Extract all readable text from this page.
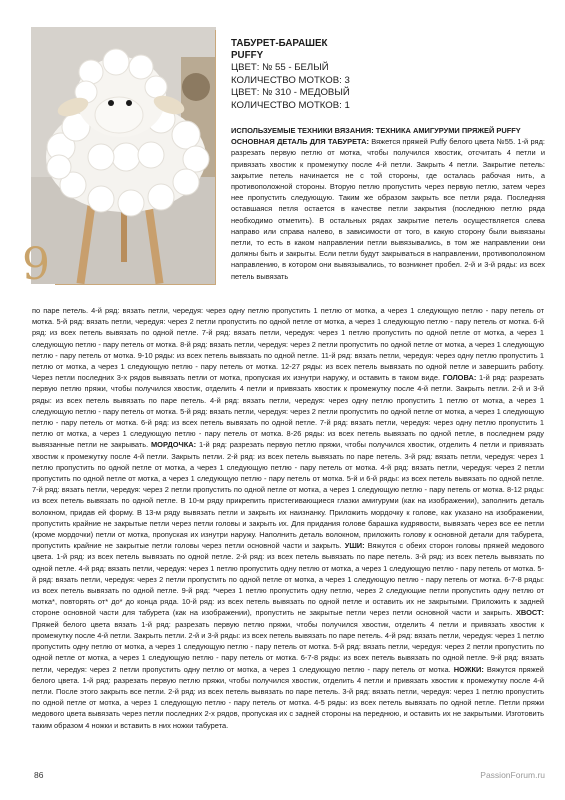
9
ТАБУРЕТ-БАРАШЕК
PUFFY
ЦВЕТ: № 55 - БЕЛЫЙ
КОЛИЧЕСТВО МОТКОВ: 3
ЦВЕТ: № 310 - МЕДОВЫЙ
КОЛИЧЕСТВО МОТКОВ: 1
ИСПОЛЬЗУЕМЫЕ ТЕХНИКИ ВЯЗАНИЯ: ТЕХНИКА АМИГУРУМИ ПРЯЖЕЙ PUFFY
ОСНОВНАЯ ДЕТАЛЬ ДЛЯ ТАБУРЕТА: Вяжется пряжей Puffy белого цвета №55. 1-й ряд: разрезать первую петлю от мотка, чтобы получился хвостик, отсчитать 4 петли и привязать хвостик к промежутку после 4-й петли. Закрыть 4 петли. Закрытие петель: закрытие петель начинается не с той стороны, где осталась рабочая нить, а противоположной стороны. Вторую петлю пропустить через первую петлю, затем через нее пропустить следующую. Таким же образом закрыть все петли ряда. Последняя оставшаяся петля остается в качестве петли закрытия (последнюю петлю ряда необходимо отметить). В остальных рядах закрытие петель осуществляется слева направо или справа налево, в зависимости от того, в какую сторону были вывязаны петли, то есть в каком направлении петли вывязывались, в том же направлении они должны быть и закрыты. Если петли будут закрываться в направлении, противоположном направлению, в котором они вывязывались, то возникнет пробел. 2-й и 3-й ряды: из всех петель вывязать
по паре петель. 4-й ряд: вязать петли, чередуя: через одну петлю пропустить 1 петлю от мотка, а через 1 следующую петлю - пару петель от мотка. 5-й ряд: вязать петли, чередуя: через 2 петли пропустить по одной петле от мотка, а через 1 следующую петлю - пару петель от мотка. 6-й ряд: из всех петель вывязать по одной петле. 7-й ряд: вязать петли, чередуя: через 1 петлю пропустить по одной петле от мотка, а через 1 следующую петлю - пару петель от мотка. 8-й ряд: вязать петли, чередуя: через 2 петли пропустить по одной петле от мотка, а через 1 следующую петлю - пару петель от мотка. 9-10 ряды: из всех петель вывязать по одной петле. 11-й ряд: вязать петли, чередуя: через одну петлю пропустить 1 петлю от мотка, а через 1 следующую петлю - пару петель от мотка. 12-27 ряды: из всех петель вывязать по одной петле и завершить работу. Через петли последних 3-х рядов вывязать петли от мотка, пропуская их изнутри наружу, и оставить в таком виде. ГОЛОВА: 1-й ряд: разрезать первую петлю пряжи, чтобы получился хвостик, отделить 4 петли и привязать хвостик к промежутку после 4-й петли. Закрыть петли. 2-й и 3-й ряды: из всех петель вывязать по паре петель. 4-й ряд: вязать петли, чередуя: через одну петлю пропустить 1 петлю от мотка, а через 1 следующую петлю - пару петель от мотка. 5-й ряд: вязать петли, чередуя: через 2 петли пропустить по одной петле от мотка, а через 1 следующую петлю - пару петель от мотка. 6-й ряд: из всех петель вывязать по одной петле. 7-й ряд: вязать петли, чередуя: через одну петлю пропустить 1 петлю от мотка, а через 1 следующую петлю - пару петель от мотка. 8-26 ряды: из всех петель вывязать по одной петле, в последнем ряду вывязанные петли не закрывать. МОРДОЧКА: 1-й ряд: разрезать первую петлю пряжи, чтобы получился хвостик, отделить 4 петли и привязать хвостик к промежутку после 4-й петли. Закрыть петли. 2-й ряд: из всех петель вывязать по паре петель. 3-й ряд: вязать петли, чередуя: через 1 петлю пропустить по одной петле от мотка, а через 1 следующую петлю - пару петель от мотка. 4-й ряд: вязать петли, чередуя: через 2 петли пропустить по одной петле от мотка, а через 1 следующую петлю - пару петель от мотка. 5-й и 6-й ряды: из всех петель вывязать по одной петле. 7-й ряд: вязать петли, чередуя: через 2 петли пропустить по одной петле от мотка, а через 1 следующую петлю - пару петель от мотка. 8-12 ряды: из всех петель вывязать по одной петле. В 10-м ряду прикрепить пристегивающиеся глазки амигуруми (как на изображении), заполнить деталь волокном, придав ей форму. В 13-м ряду вывязать петли и закрыть их наизнанку. Приложить мордочку к голове, как указано на изображении, пропустить крайние не закрытые петли через петли головы и закрыть их. Для придания голове барашка кудрявости, вывязать через все ее петли (кроме мордочки) петли от мотка, пропуская их изнутри наружу. Наполнить деталь волокном, приложить голову к основной детали для табурета, пропустить крайние не закрытые петли головы через петли основной части и закрыть. УШИ: Вяжутся с обеих сторон головы пряжей медового цвета. 1-й ряд: из всех петель вывязать по одной петле. 2-й ряд: из всех петель вывязать по паре петель. 3-й ряд: из всех петель вывязать по одной петле. 4-й ряд: вязать петли, чередуя: через 1 петлю пропустить одну петлю от мотка, а через 1 следующую петлю - пару петель от мотка. 5-й ряд: вязать петли, чередуя: через 2 петли пропустить по одной петле от мотка, а через 1 следующую петлю - пару петель от мотка. 6-7-8 ряды: из всех петель вывязать по одной петле. 9-й ряд: *через 1 петлю пропустить одну петлю, через 2 следующие петли пропустить одну петлю от мотка*, повторять от* до* до конца ряда. 10-й ряд: из всех петель вывязать по одной петле и оставить их не закрытыми. Приложить к задней стороне основной части для табурета (как на изображении), пропустить не закрытые петли через петли основной части и закрыть. ХВОСТ: Пряжей белого цвета вязать 1-й ряд: разрезать первую петлю пряжи, чтобы получился хвостик, отделить 4 петли и привязать хвостик к промежутку после 4-й петли. Закрыть петли. 2-й и 3-й ряды: из всех петель вывязать по паре петель. 4-й ряд: вязать петли, чередуя: через 1 петлю пропустить одну петлю от мотка, а через 1 следующую петлю - пару петель от мотка. 5-й ряд: вязать петли, чередуя: через 2 петли пропустить по одной петле от мотка, а через 1 следующую петлю - пару петель от мотка. 6-7-8 ряды: из всех петель вывязать по одной петле. 9-й ряд: вязать петли, чередуя: через 2 петли пропустить одну петлю от мотка, а через 1 следующую петлю - пару петель от мотка. НОЖКИ: Вяжутся пряжей белого цвета. 1-й ряд: разрезать первую петлю пряжи, чтобы получился хвостик, отделить 4 петли и привязать хвостик к промежутку после 4-й петли. После этого закрыть все петли. 2-й ряд: из всех петель вывязать по паре петель. 3-й ряд: вязать петли, чередуя: через 1 петлю пропустить по одной петле от мотка, а через 1 следующую петлю - пару петель от мотка. 4-5 ряды: из всех петель вывязать по одной петле. Петли пряжи медового цвета вывязать через петли последних 2-х рядов, пропуская их с задней стороны на переднюю, и оставить их не закрытыми. Изготовить таким образом 4 ножки и вставить в них ножки табурета.
86	PassionForum.ru
